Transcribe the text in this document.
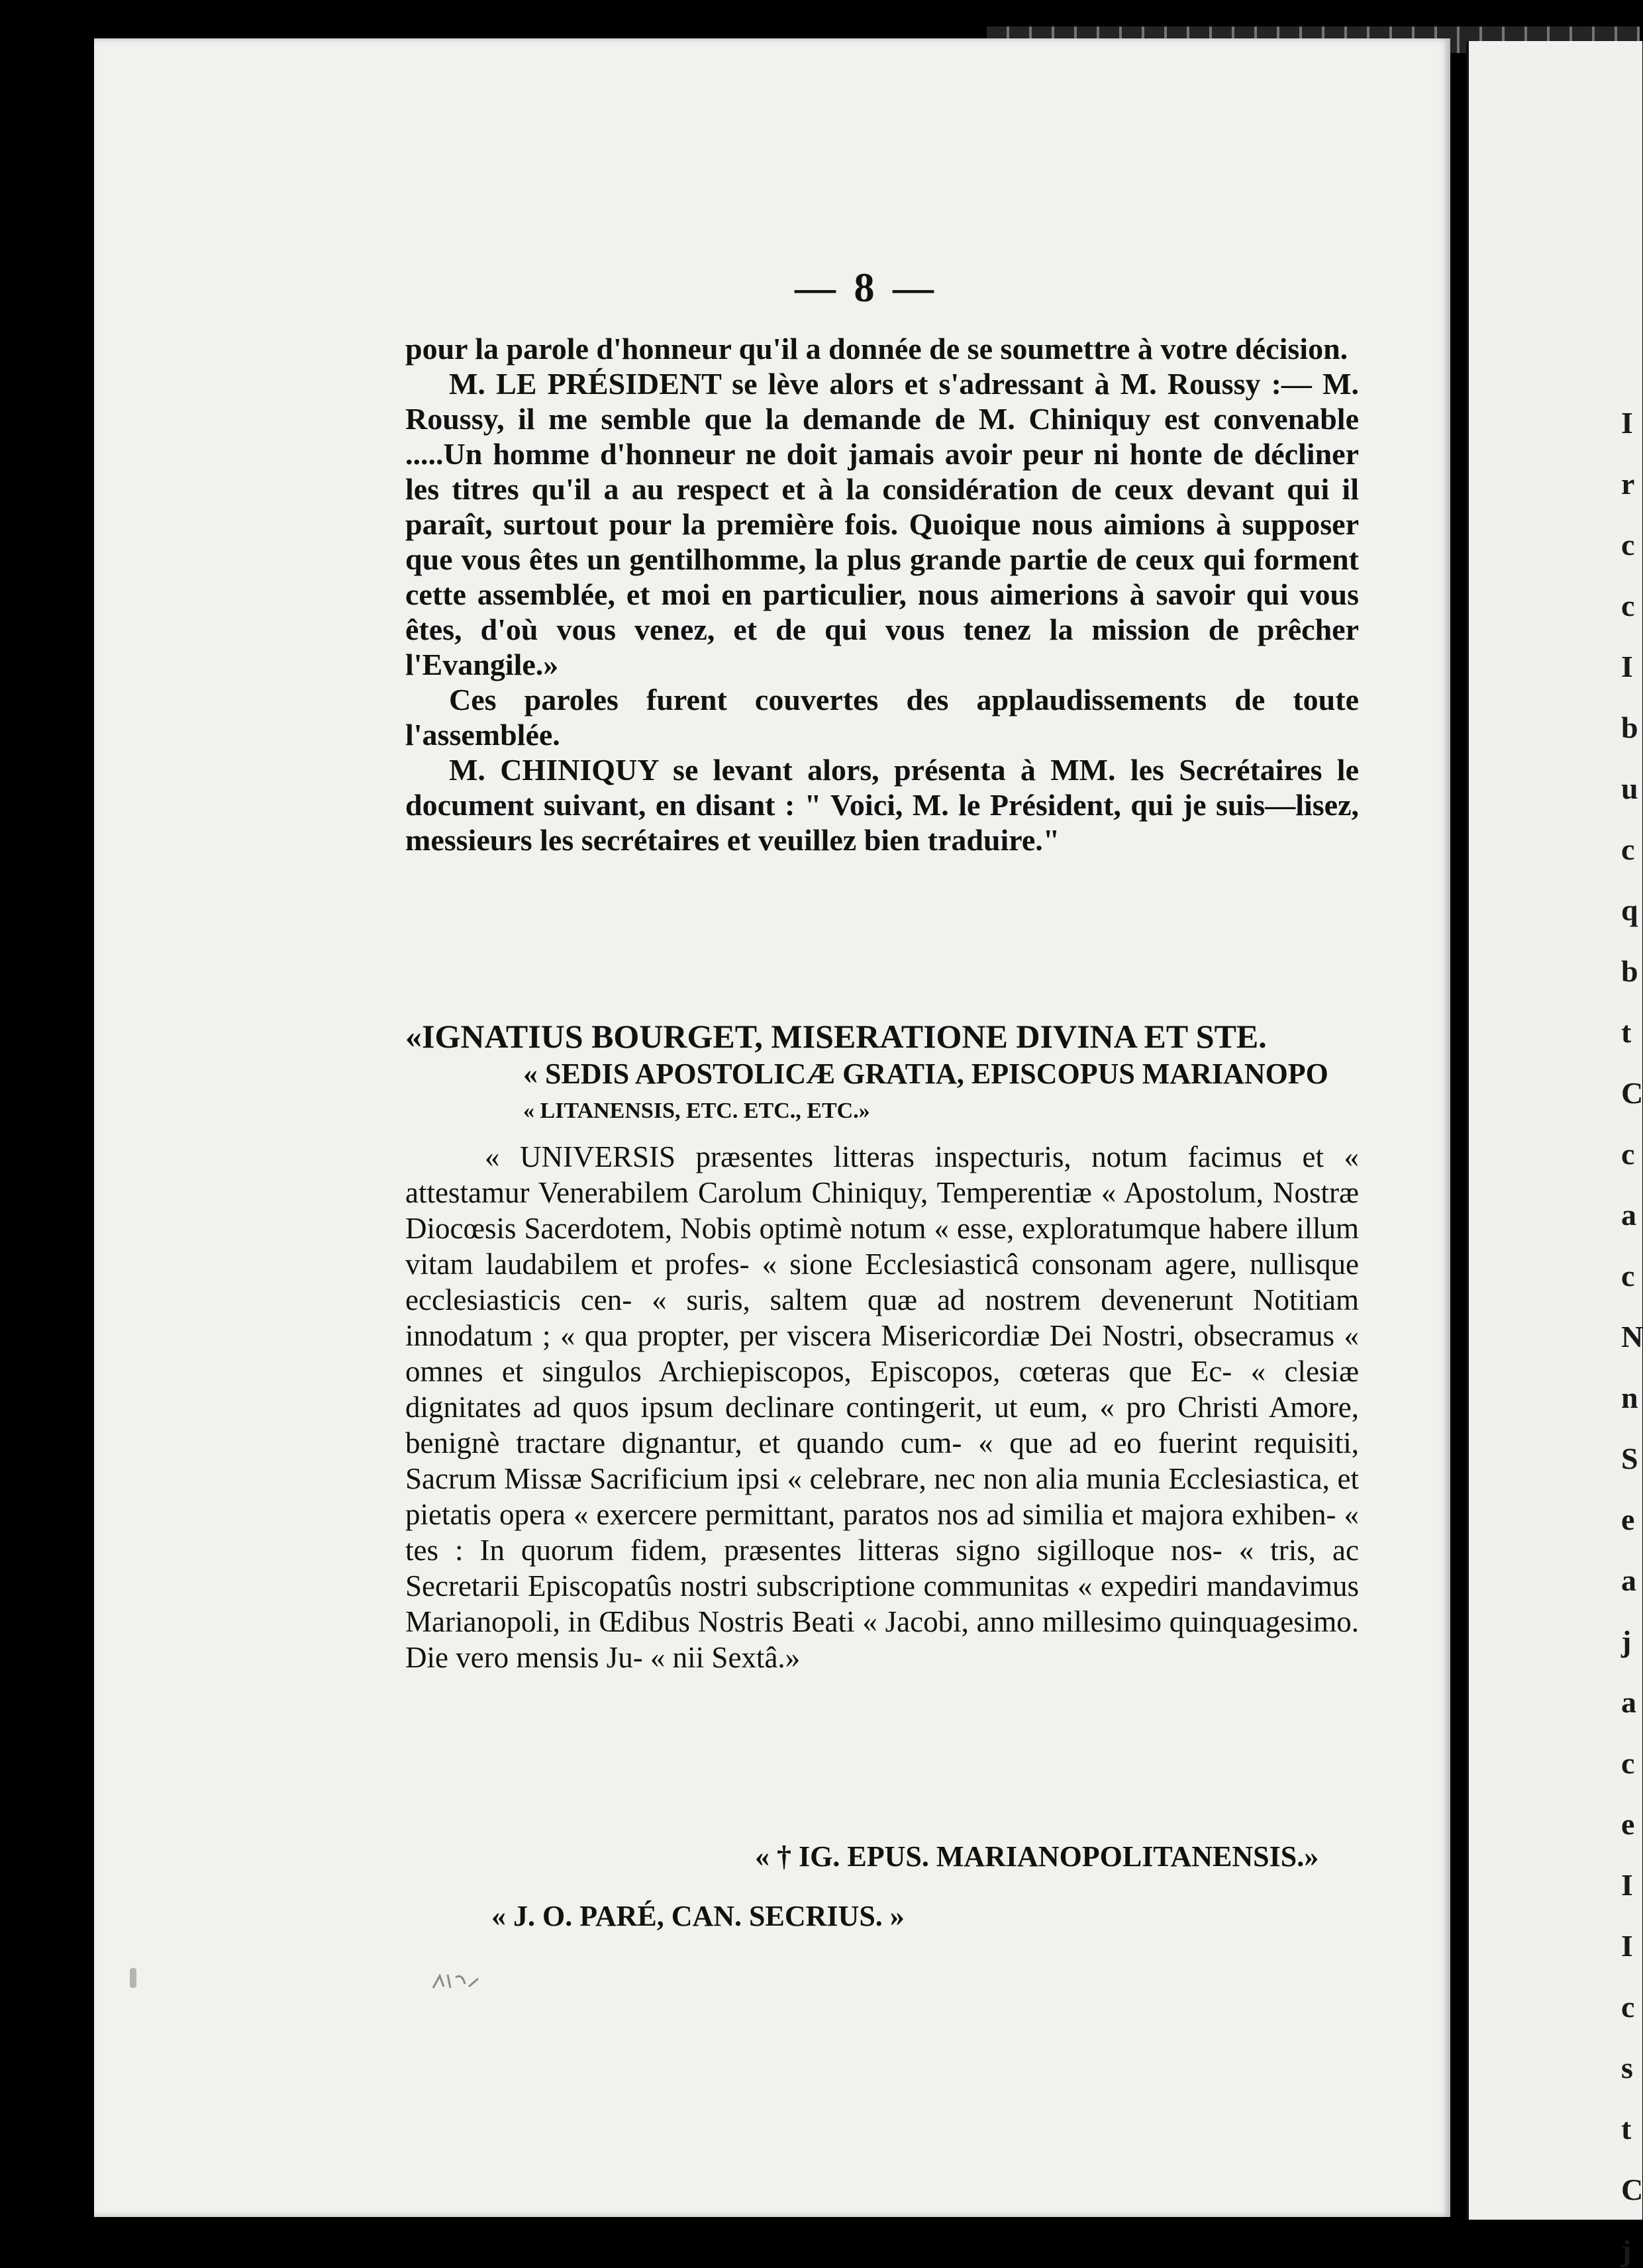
I
r
c
c
I
b
u
c
q
b
t
C
c
a
c
N
n
S
e
a
j
a
c
e
I
I
c
s
t
C
j
— 8 —

pour la parole d'honneur qu'il a donnée de se soumettre à votre décision.

M. LE PRÉSIDENT se lève alors et s'adressant à M. Roussy :— M. Roussy, il me semble que la demande de M. Chiniquy est convenable .....Un homme d'honneur ne doit jamais avoir peur ni honte de décliner les titres qu'il a au respect et à la considération de ceux devant qui il paraît, surtout pour la première fois. Quoique nous aimions à supposer que vous êtes un gentilhomme, la plus grande partie de ceux qui forment cette assemblée, et moi en particulier, nous aimerions à savoir qui vous êtes, d'où vous venez, et de qui vous tenez la mission de prêcher l'Evangile.»

Ces paroles furent couvertes des applaudissements de toute l'assemblée.

M. CHINIQUY se levant alors, présenta à MM. les Secrétaires le document suivant, en disant : " Voici, M. le Président, qui je suis—lisez, messieurs les secrétaires et veuillez bien traduire."

«IGNATIUS BOURGET, MISERATIONE DIVINA ET STE.
« SEDIS APOSTOLICÆ GRATIA, EPISCOPUS MARIANOPO
« LITANENSIS, ETC. ETC., ETC.»

« UNIVERSIS præsentes litteras inspecturis, notum facimus et « attestamur Venerabilem Carolum Chiniquy, Temperentiæ « Apostolum, Nostræ Diocœsis Sacerdotem, Nobis optimè notum « esse, exploratumque habere illum vitam laudabilem et profes- « sione Ecclesiasticâ consonam agere, nullisque ecclesiasticis cen- « suris, saltem quæ ad nostrem devenerunt Notitiam innodatum ; « qua propter, per viscera Misericordiæ Dei Nostri, obsecramus « omnes et singulos Archiepiscopos, Episcopos, cœteras que Ec- « clesiæ dignitates ad quos ipsum declinare contingerit, ut eum, « pro Christi Amore, benignè tractare dignantur, et quando cum- « que ad eo fuerint requisiti, Sacrum Missæ Sacrificium ipsi « celebrare, nec non alia munia Ecclesiastica, et pietatis opera « exercere permittant, paratos nos ad similia et majora exhiben- « tes : In quorum fidem, præsentes litteras signo sigilloque nos- « tris, ac Secretarii Episcopatûs nostri subscriptione communitas « expediri mandavimus Marianopoli, in Œdibus Nostris Beati « Jacobi, anno millesimo quinquagesimo. Die vero mensis Ju- « nii Sextâ.»

« † IG. EPUS. MARIANOPOLITANENSIS.»
« J. O. PARÉ, CAN. SECRIUS. »
